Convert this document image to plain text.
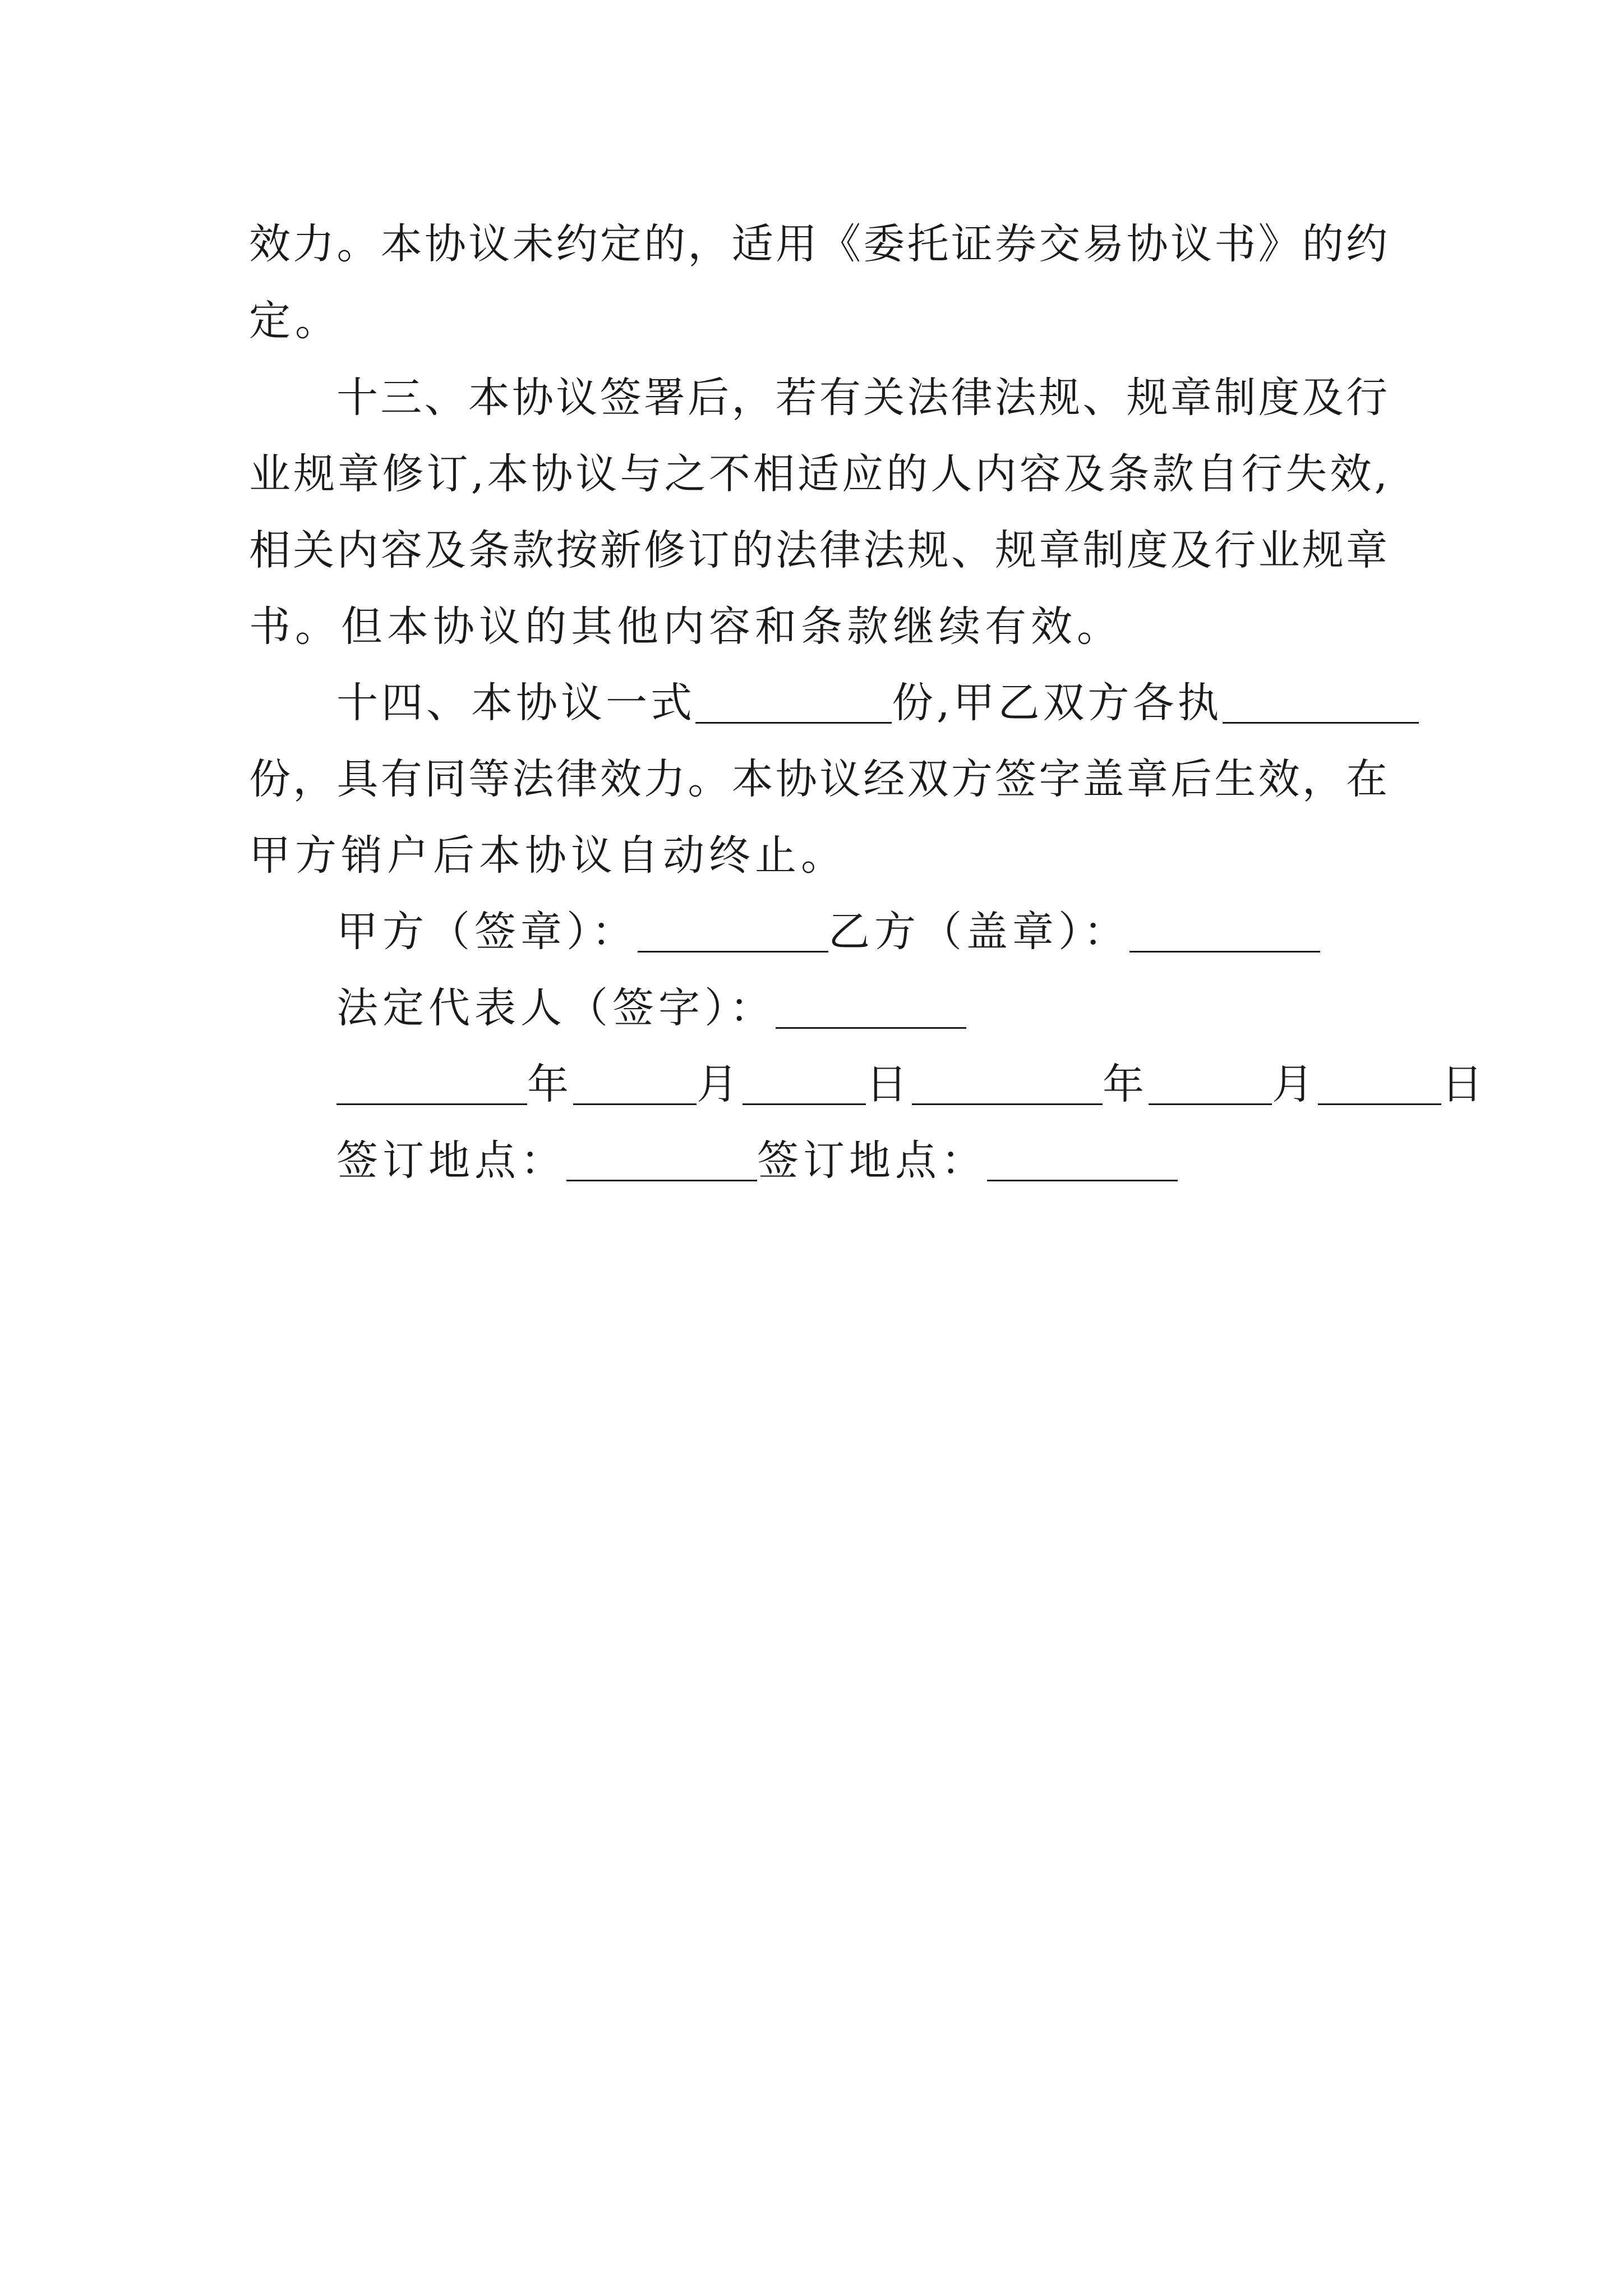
效力。本协议未约定的，适用《委托证券交易协议书》的约
定。
十三、本协议签署后，若有关法律法规、规章制度及行
业规章修订,本协议与之不相适应的人内容及条款自行失效,
相关内容及条款按新修订的法律法规、规章制度及行业规章
书。但本协议的其他内容和条款继续有效。
十四、本协议一式	份,甲乙双方各执
份，具有同等法律效力。本协议经双方签字盖章后生效，在
甲方销户后本协议自动终止。
甲方（签章）：	乙方（盖章）：
法定代表人（签字）：
年	月	日	年	月	日
签订地点：	签订地点：
